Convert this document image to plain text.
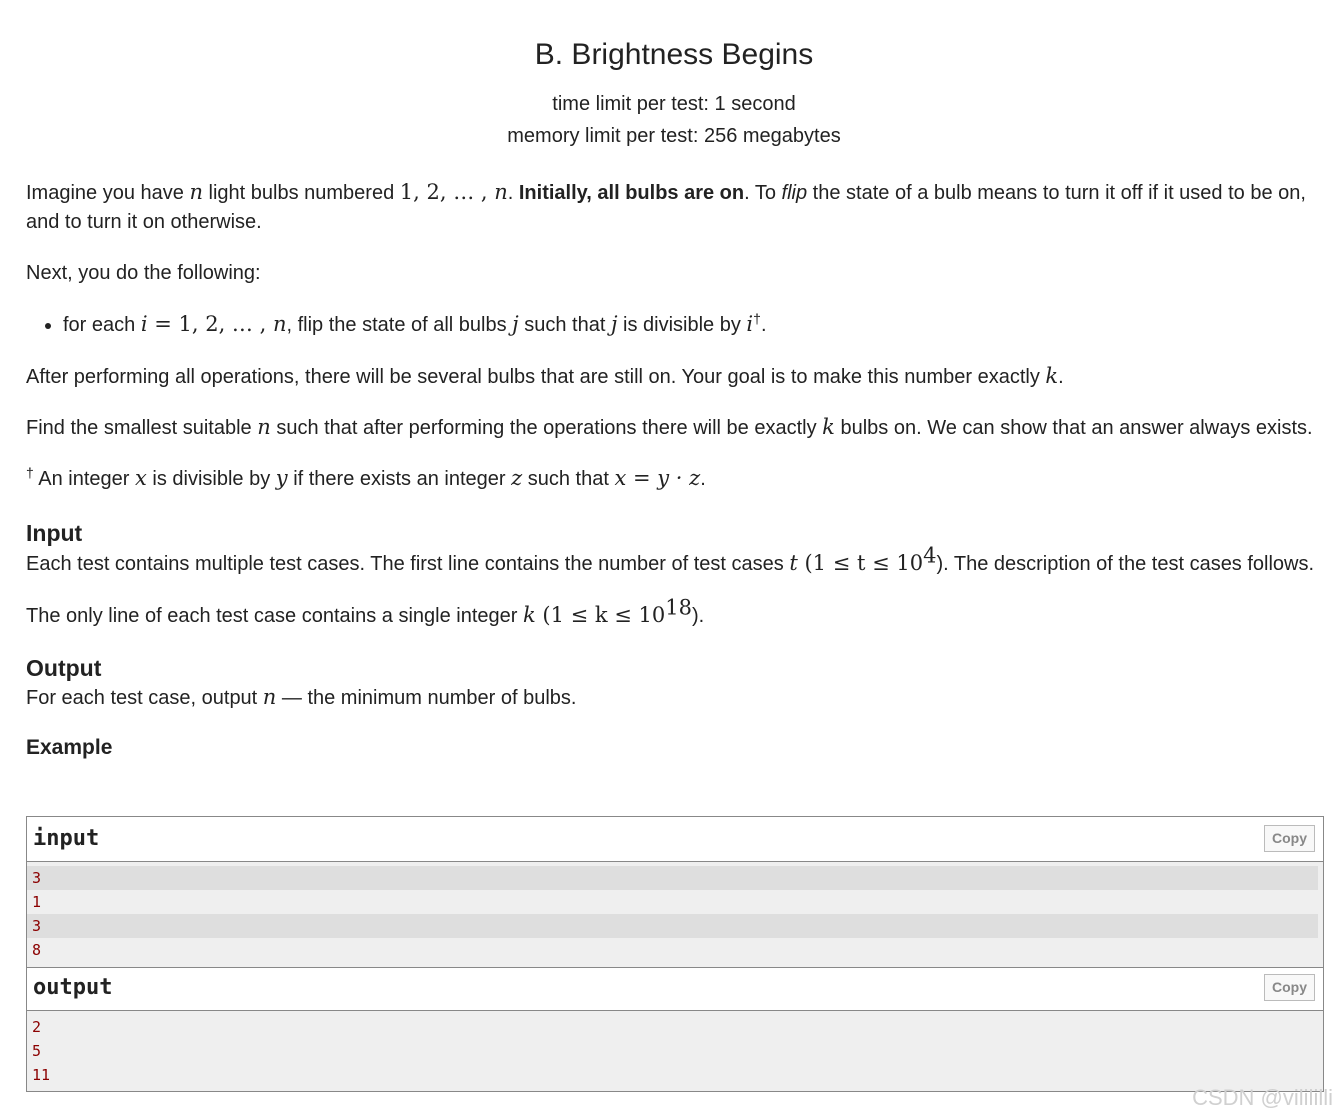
B. Brightness Begins
time limit per test: 1 second
memory limit per test: 256 megabytes

Imagine you have n light bulbs numbered 1, 2, … , n. Initially, all bulbs are on. To flip the state of a bulb means to turn it off if it used to be on, and to turn it on otherwise.

Next, you do the following:

• for each i = 1, 2, … , n, flip the state of all bulbs j such that j is divisible by i†.

After performing all operations, there will be several bulbs that are still on. Your goal is to make this number exactly k.

Find the smallest suitable n such that after performing the operations there will be exactly k bulbs on. We can show that an answer always exists.

† An integer x is divisible by y if there exists an integer z such that x = y · z.

Input

Each test contains multiple test cases. The first line contains the number of test cases t $(1 \le t \le 10^4)$. The description of the test cases follows.

The only line of each test case contains a single integer k $(1 \le k \le 10^{18})$.

Output

For each test case, output n — the minimum number of bulbs.

Example
input	Copy
3
1
3
8
output	Copy
2
5
11
CSDN @vilililli
